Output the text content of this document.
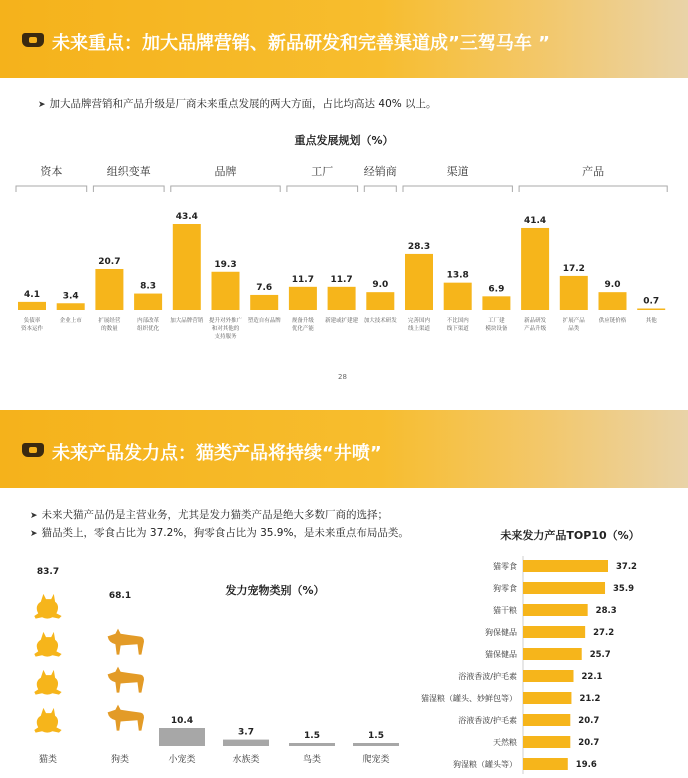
未来重点：加大品牌营销、新品研发和完善渠道成”三驾马车 ”
➤ 加大品牌营销和产品升级是厂商未来重点发展的两大方面，占比均高达 40% 以上。
重点发展规划（%）
4.1
负债率
资本运作
3.4
企业上市
资本
20.7
扩展经营
的数量
8.3
内部改革
组织优化
组织变革
43.4
加大品牌营销
19.3
提升对外推广
和对其他的
支持服务
7.6
塑造自有品牌
品牌
11.7
规备升级
优化产能
11.7
新建或扩建建
工厂
9.0
加大技术研发
经销商
28.3
完善国内
线上渠道
13.8
不比国内
线下渠道
6.9
工厂建
模块设备
渠道
41.4
新品研发
产品升级
17.2
扩展产品
品类
9.0
供应链价格
0.7
其他
产品
28
未来产品发力点：猫类产品将持续“井喷”
➤ 未来犬猫产品仍是主营业务，尤其是发力猫类产品是绝大多数厂商的选择；
➤ 猫品类上，零食占比为 37.2%，狗零食占比为 35.9%，是未来重点布局品类。
发力宠物类别（%）
未来发力产品TOP10（%）
83.7
猫类
68.1
狗类
10.4
小宠类
3.7
水族类
1.5
鸟类
1.5
爬宠类
猫零食	37.2
狗零食	35.9
猫干粮	28.3
狗保健品	27.2
猫保健品	25.7
浴液香波/护毛素	22.1
猫湿粮（罐头、妙鲜包等）	21.2
浴液香波/护毛素	20.7
天然粮	20.7
狗湿粮（罐头等）	19.6
